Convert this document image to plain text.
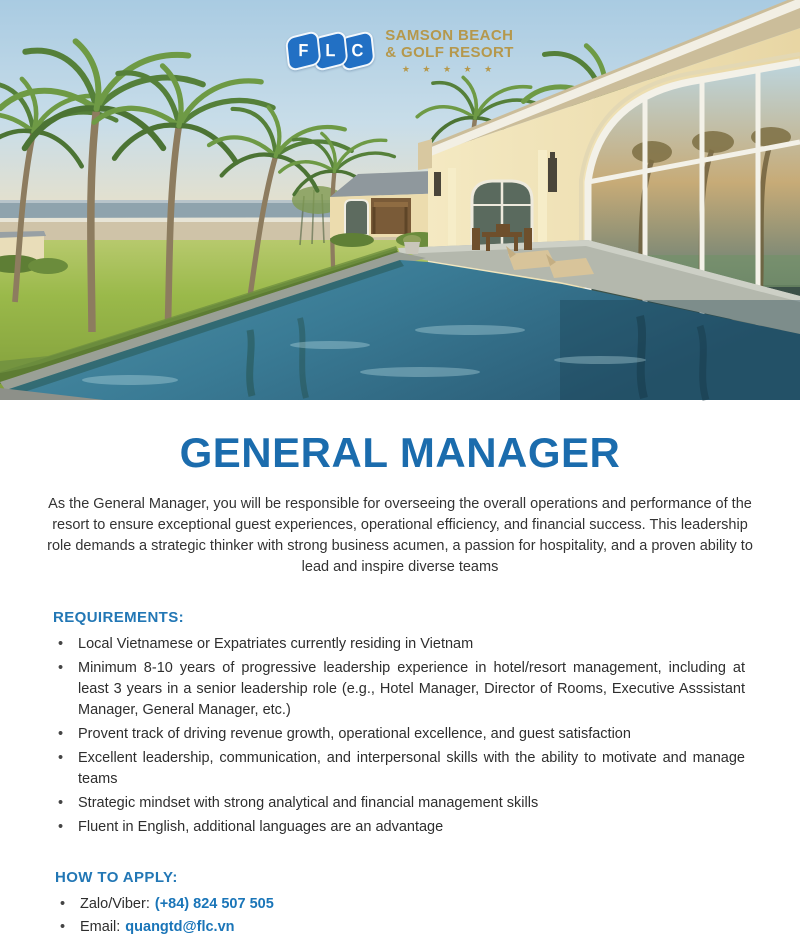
F L C
SAMSON BEACH
& GOLF RESORT
★ ★ ★ ★ ★
GENERAL MANAGER

As the General Manager, you will be responsible for overseeing the overall operations and performance of the resort to ensure exceptional guest experiences, operational efficiency, and financial success. This leadership role demands a strategic thinker with strong business acumen, a passion for hospitality, and a proven ability to lead and inspire diverse teams

REQUIREMENTS:
• Local Vietnamese or Expatriates currently residing in Vietnam
• Minimum 8-10 years of progressive leadership experience in hotel/resort management, including at least 3 years in a senior leadership role (e.g., Hotel Manager, Director of Rooms, Executive Asssistant Manager, General Manager, etc.)
• Provent track of driving revenue growth, operational excellence, and guest satisfaction
• Excellent leadership, communication, and interpersonal skills with the ability to motivate and manage teams
• Strategic mindset with strong analytical and financial management skills
• Fluent in English, additional languages are an advantage
HOW TO APPLY:
• Zalo/Viber: (+84) 824 507 505
• Email: quangtd@flc.vn
